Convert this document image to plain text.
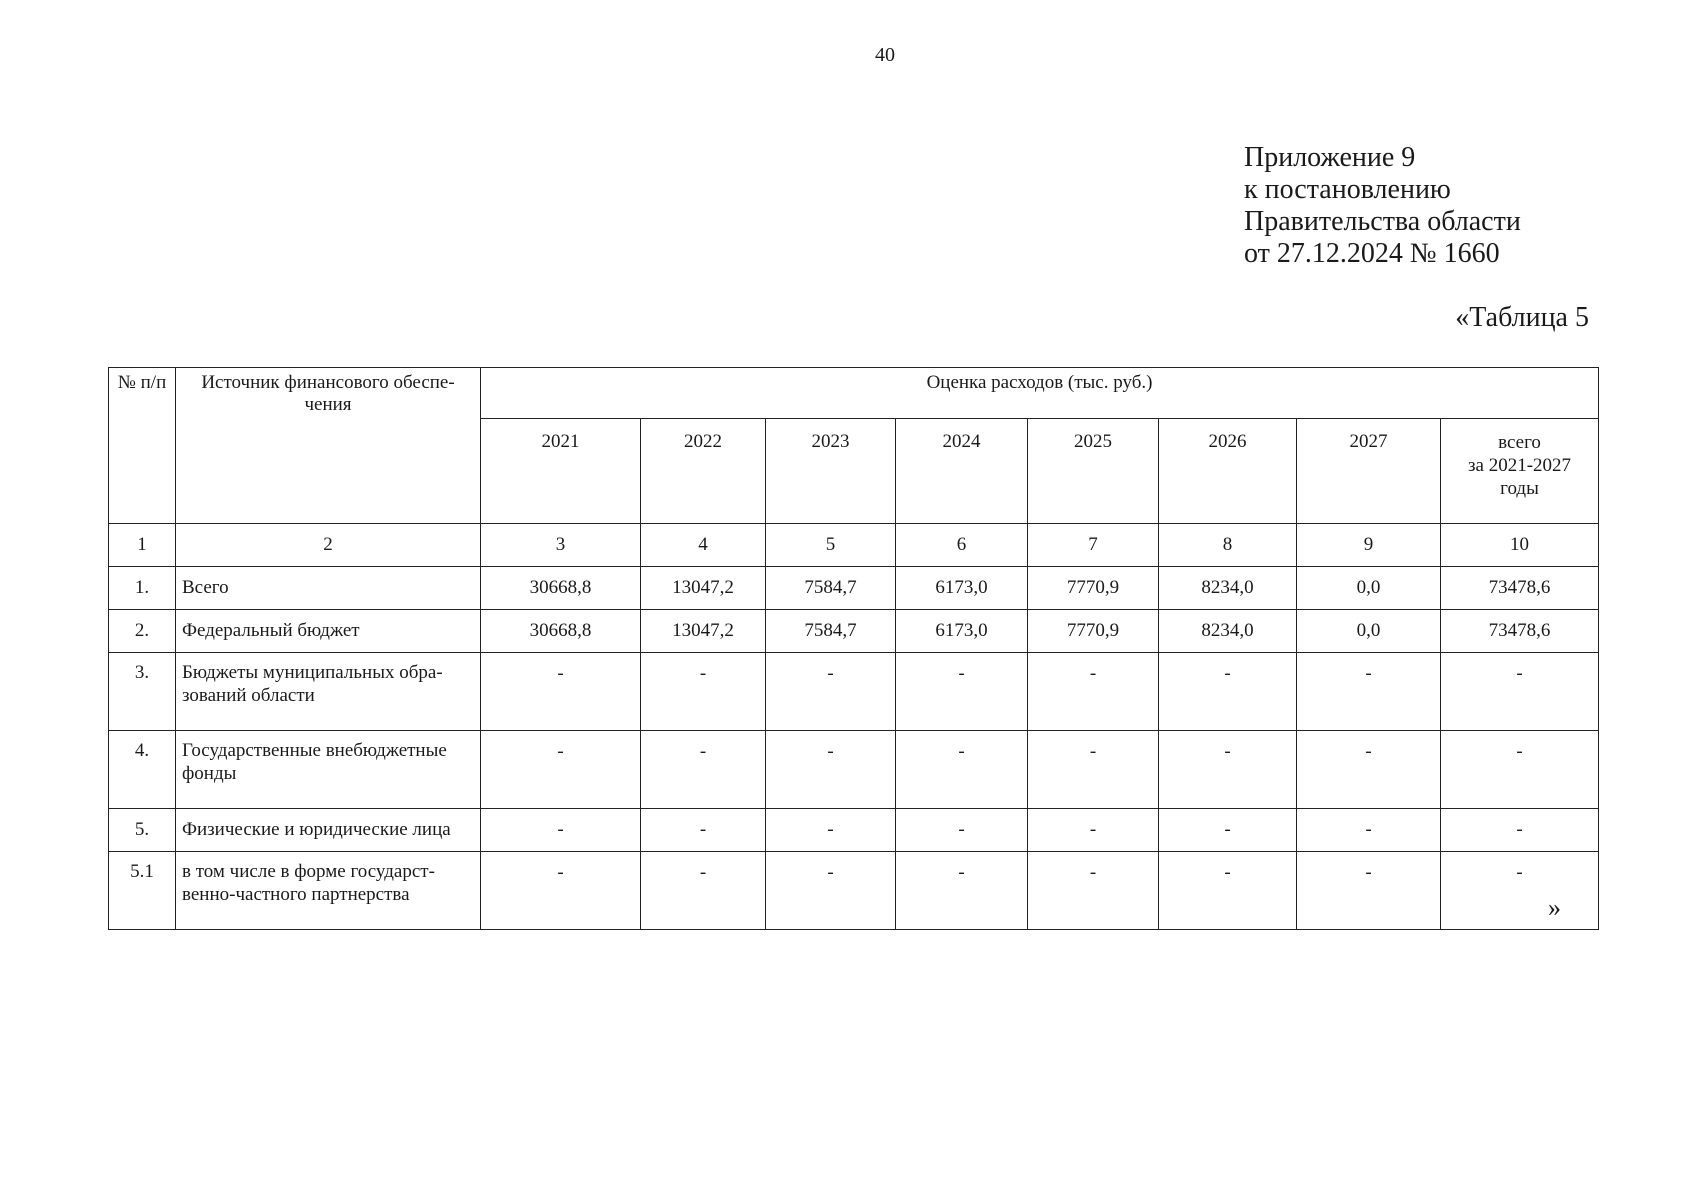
40
Приложение 9
к постановлению
Правительства области
от 27.12.2024 № 1660
«Таблица 5
№ п/п	Источник финансового обеспе-чения	Оценка расходов (тыс. руб.)							
		2021	2022	2023	2024	2025	2026	2027	всего
за 2021-2027
годы

1	2	3	4	5	6	7	8	9	10
1.	Всего	30668,8	13047,2	7584,7	6173,0	7770,9	8234,0	0,0	73478,6
2.	Федеральный бюджет	30668,8	13047,2	7584,7	6173,0	7770,9	8234,0	0,0	73478,6
3.	Бюджеты муниципальных обра-зований области	-	-	-	-	-	-	-	-
4.	Государственные внебюджетные фонды	-	-	-	-	-	-	-	-
5.	Физические и юридические лица	-	-	-	-	-	-	-	-
5.1	в том числе в форме государст-венно-частного партнерства	-	-	-	-	-	-	-	-
»
